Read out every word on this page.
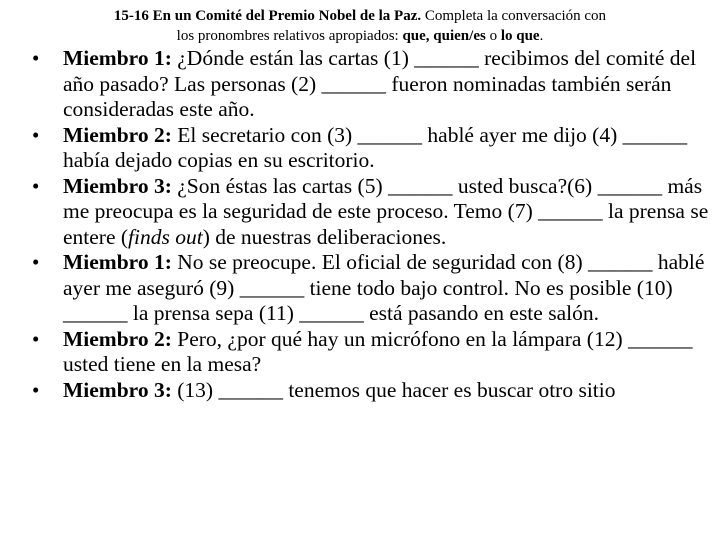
15-16 En un Comité del Premio Nobel de la Paz. Completa la conversación con
los pronombres relativos apropiados: que, quien/es o lo que.
• Miembro 1: ¿Dónde están las cartas (1) ______ recibimos del comité del año pasado? Las personas (2) ______ fueron nominadas también serán consideradas este año.
• Miembro 2: El secretario con (3) ______ hablé ayer me dijo (4) ______ había dejado copias en su escritorio.
• Miembro 3: ¿Son éstas las cartas (5) ______ usted busca?(6) ______ más me preocupa es la seguridad de este proceso. Temo (7) ______ la prensa se entere (finds out) de nuestras deliberaciones.
• Miembro 1: No se preocupe. El oficial de seguridad con (8) ______ hablé ayer me aseguró (9) ______ tiene todo bajo control. No es posible (10) ______ la prensa sepa (11) ______ está pasando en este salón.
• Miembro 2: Pero, ¿por qué hay un micrófono en la lámpara (12) ______ usted tiene en la mesa?
• Miembro 3: (13) ______ tenemos que hacer es buscar otro sitio
